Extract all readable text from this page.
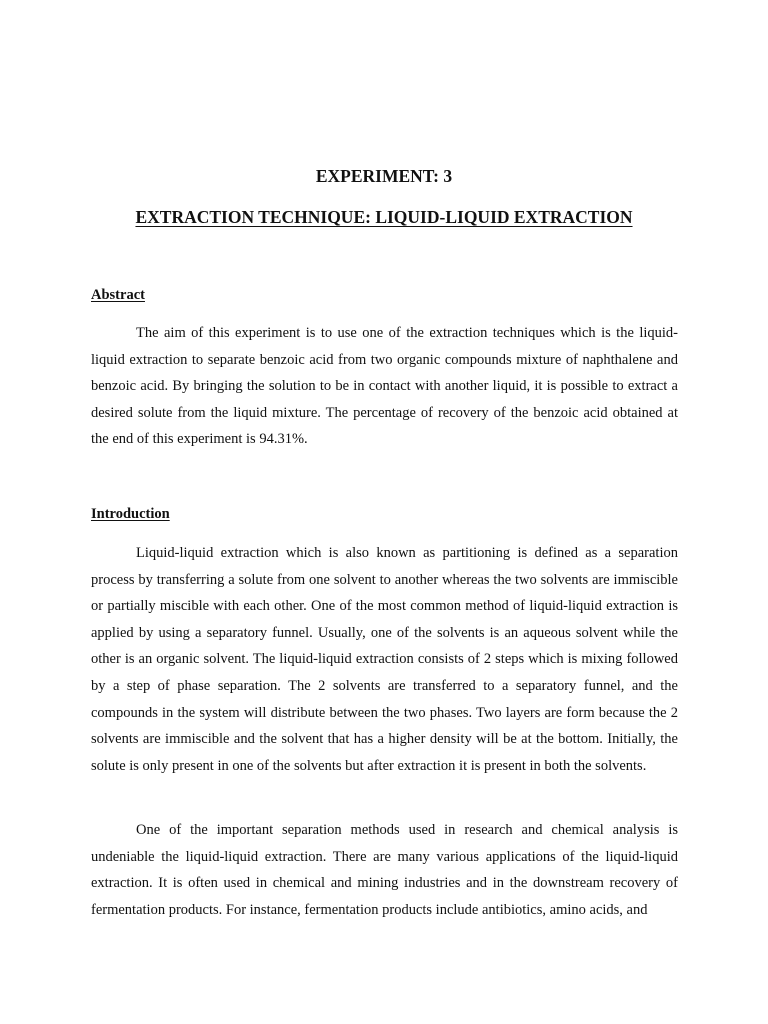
EXPERIMENT: 3
EXTRACTION TECHNIQUE: LIQUID-LIQUID EXTRACTION
Abstract

The aim of this experiment is to use one of the extraction techniques which is the liquid-liquid extraction to separate benzoic acid from two organic compounds mixture of naphthalene and benzoic acid. By bringing the solution to be in contact with another liquid, it is possible to extract a desired solute from the liquid mixture. The percentage of recovery of the benzoic acid obtained at the end of this experiment is 94.31%.

Introduction

Liquid-liquid extraction which is also known as partitioning is defined as a separation process by transferring a solute from one solvent to another whereas the two solvents are immiscible or partially miscible with each other. One of the most common method of liquid-liquid extraction is applied by using a separatory funnel. Usually, one of the solvents is an aqueous solvent while the other is an organic solvent. The liquid-liquid extraction consists of 2 steps which is mixing followed by a step of phase separation. The 2 solvents are transferred to a separatory funnel, and the compounds in the system will distribute between the two phases. Two layers are form because the 2 solvents are immiscible and the solvent that has a higher density will be at the bottom. Initially, the solute is only present in one of the solvents but after extraction it is present in both the solvents.

One of the important separation methods used in research and chemical analysis is undeniable the liquid-liquid extraction. There are many various applications of the liquid-liquid extraction. It is often used in chemical and mining industries and in the downstream recovery of fermentation products. For instance, fermentation products include antibiotics, amino acids, and
